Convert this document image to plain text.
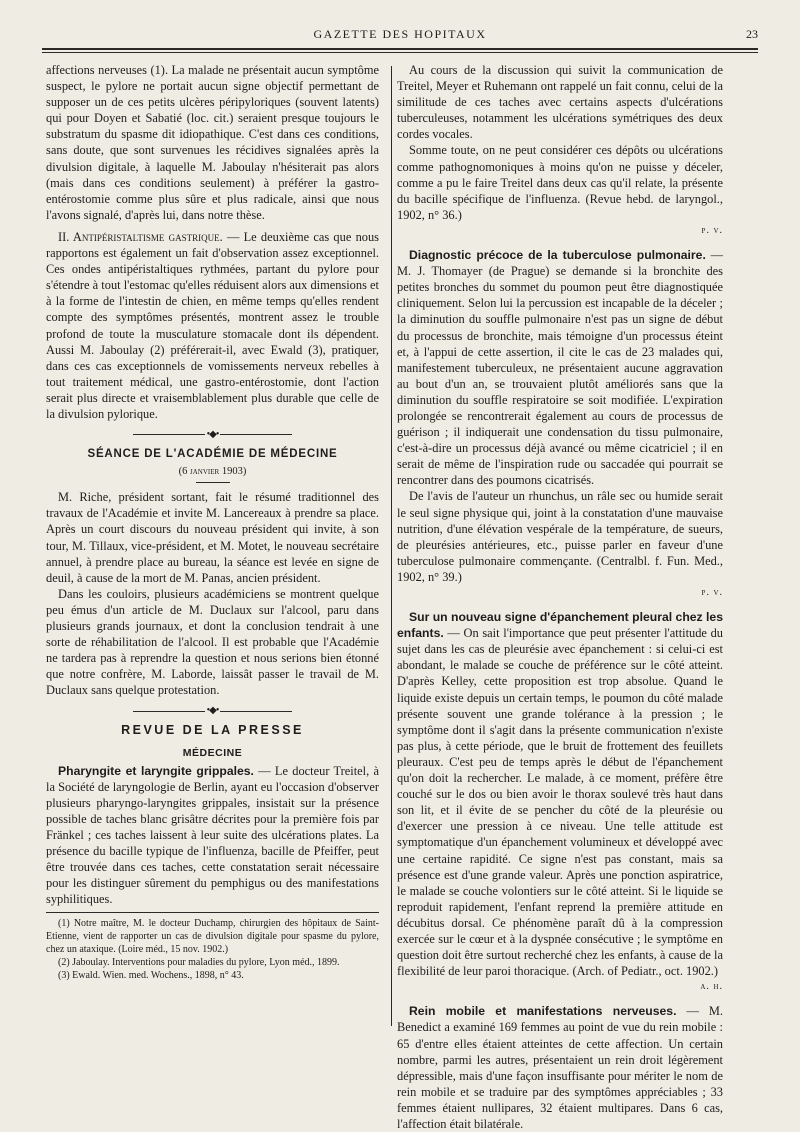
GAZETTE DES HOPITAUX	23

affections nerveuses (1). La malade ne présentait aucun symptôme suspect, le pylore ne portait aucun signe objectif permettant de supposer un de ces petits ulcères péripyloriques (souvent latents) qui pour Doyen et Sabatié (loc. cit.) seraient presque toujours le substratum du spasme dit idiopathique. C'est dans ces conditions, sans doute, que sont survenues les récidives signalées après la divulsion digitale, à laquelle M. Jaboulay n'hésiterait pas alors (mais dans ces conditions seulement) à préférer la gastro-entérostomie comme plus sûre et plus radicale, ainsi que nous l'avons signalé, d'après lui, dans notre thèse.

II. Antipéristaltisme gastrique. — Le deuxième cas que nous rapportons est également un fait d'observation assez exceptionnel. Ces ondes antipéristaltiques rythmées, partant du pylore pour s'étendre à tout l'estomac qu'elles réduisent alors aux dimensions et à la forme de l'intestin de chien, en même temps qu'elles rendent compte des symptômes présentés, montrent assez le trouble profond de toute la musculature stomacale dont ils dépendent. Aussi M. Jaboulay (2) préférerait-il, avec Ewald (3), pratiquer, dans ces cas exceptionnels de vomissements nerveux rebelles à tout traitement médical, une gastro-entérostomie, dont l'action serait plus directe et vraisemblablement plus durable que celle de la divulsion pylorique.

•◆•
SÉANCE DE L'ACADÉMIE DE MÉDECINE
(6 janvier 1903)

M. Riche, président sortant, fait le résumé traditionnel des travaux de l'Académie et invite M. Lancereaux à prendre sa place. Après un court discours du nouveau président qui invite, à son tour, M. Tillaux, vice-président, et M. Motet, le nouveau secrétaire annuel, à prendre place au bureau, la séance est levée en signe de deuil, à cause de la mort de M. Panas, ancien président.

Dans les couloirs, plusieurs académiciens se montrent quelque peu émus d'un article de M. Duclaux sur l'alcool, paru dans plusieurs grands journaux, et dont la conclusion tendrait à une sorte de réhabilitation de l'alcool. Il est probable que l'Académie ne tardera pas à reprendre la question et nous serions bien étonné que notre confrère, M. Laborde, laissât passer le travail de M. Duclaux sans quelque protestation.

•◆•
REVUE DE LA PRESSE
MÉDECINE

Pharyngite et laryngite grippales. — Le docteur Treitel, à la Société de laryngologie de Berlin, ayant eu l'occasion d'observer plusieurs pharyngo-laryngites grippales, insistait sur la présence possible de taches blanc grisâtre décrites pour la première fois par Fränkel ; ces taches laissent à leur suite des ulcérations plates. La présence du bacille typique de l'influenza, bacille de Pfeiffer, peut être trouvée dans ces taches, cette constatation serait nécessaire pour les distinguer sûrement du pemphigus ou des manifestations syphilitiques.

(1) Notre maître, M. le docteur Duchamp, chirurgien des hôpitaux de Saint-Etienne, vient de rapporter un cas de divulsion digitale pour spasme du pylore, chez un ataxique. (Loire méd., 15 nov. 1902.)
(2) Jaboulay. Interventions pour maladies du pylore, Lyon méd., 1899.
(3) Ewald. Wien. med. Wochens., 1898, n° 43.

Au cours de la discussion qui suivit la communication de Treitel, Meyer et Ruhemann ont rappelé un fait connu, celui de la similitude de ces taches avec certains aspects d'ulcérations tuberculeuses, notamment les ulcérations symétriques des deux cordes vocales.

Somme toute, on ne peut considérer ces dépôts ou ulcérations comme pathognomoniques à moins qu'on ne puisse y déceler, comme a pu le faire Treitel dans deux cas qu'il relate, la présente du bacille spécifique de l'influenza. (Revue hebd. de laryngol., 1902, n° 36.)

p. v.

Diagnostic précoce de la tuberculose pulmonaire. — M. J. Thomayer (de Prague) se demande si la bronchite des petites bronches du sommet du poumon peut être diagnostiquée cliniquement. Selon lui la percussion est incapable de la déceler ; la diminution du souffle pulmonaire n'est pas un signe de début du processus de bronchite, mais témoigne d'un processus éteint et, à l'appui de cette assertion, il cite le cas de 23 malades qui, manifestement tuberculeux, ne présentaient aucune aggravation au bout d'un an, se trouvaient plutôt améliorés sans que la diminution du souffle respiratoire se soit modifiée. L'expiration prolongée se rencontrerait également au cours de processus de guérison ; il indiquerait une condensation du tissu pulmonaire, c'est-à-dire un processus déjà avancé ou même cicatriciel ; il en serait de même de l'inspiration rude ou saccadée qui pourrait se rencontrer dans des poumons cicatrisés.

De l'avis de l'auteur un rhunchus, un râle sec ou humide serait le seul signe physique qui, joint à la constatation d'une mauvaise nutrition, d'une élévation vespérale de la température, de sueurs, de pleurésies antérieures, etc., puisse parler en faveur d'une tuberculose pulmonaire commençante. (Centralbl. f. Fun. Med., 1902, n° 39.)

p. v.

Sur un nouveau signe d'épanchement pleural chez les enfants. — On sait l'importance que peut présenter l'attitude du sujet dans les cas de pleurésie avec épanchement : si celui-ci est abondant, le malade se couche de préférence sur le côté atteint. D'après Kelley, cette proposition est trop absolue. Quand le liquide existe depuis un certain temps, le poumon du côté malade présente souvent une grande tolérance à la pression ; le symptôme dont il s'agit dans la présente communication n'existe pas plus, à cette période, que le bruit de frottement des feuillets pleuraux. C'est peu de temps après le début de l'épanchement qu'on doit la rechercher. Le malade, à ce moment, préfère être couché sur le dos ou bien avoir le thorax soulevé très haut dans son lit, et il évite de se pencher du côté de la pleurésie ou d'exercer une pression à ce niveau. Une telle attitude est symptomatique d'un épanchement volumineux et développé avec une certaine rapidité. Ce signe n'est pas constant, mais sa présence est d'une grande valeur. Après une ponction aspiratrice, le malade se couche volontiers sur le côté atteint. Si le liquide se reproduit rapidement, l'enfant reprend la première attitude en décubitus dorsal. Ce phénomène paraît dû à la compression exercée sur le cœur et à la dyspnée consécutive ; le symptôme en question doit être surtout recherché chez les enfants, à cause de la flexibilité de leur paroi thoracique. (Arch. of Pediatr., oct. 1902.)

a. h.

Rein mobile et manifestations nerveuses. — M. Benedict a examiné 169 femmes au point de vue du rein mobile : 65 d'entre elles étaient atteintes de cette affection. Un certain nombre, parmi les autres, présentaient un rein droit légèrement dépressible, mais d'une façon insuffisante pour mériter le nom de rein mobile et se traduire par des symptômes appréciables ; 33 femmes étaient nullipares, 32 étaient multipares. Dans 6 cas, l'affection était bilatérale.
